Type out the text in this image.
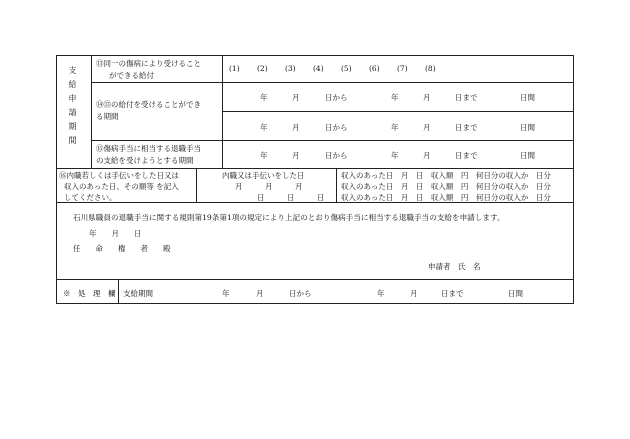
支給申請期間
⑬同一の傷病により受けること
ができる給付
(1) (2) (3) (4) (5) (6) (7) (8)
⑭⑬の給付を受けることができ
る期間
年	月	日から	年	月	日まで	日間
年	月	日から	年	月	日まで	日間
⑮傷病手当に相当する退職手当
の支給を受けようとする期間
年	月	日から	年	月	日まで	日間
⑯内職若しくは手伝いをした日又は
収入のあった日、その額等 を記入
してください。
内職又は手伝いをした日
月　　　月　　　月
日　　　日　　　日
収入のあった日　月　日　収入額　円　何日分の収入か　日分
収入のあった日　月　日　収入額　円　何日分の収入か　日分
収入のあった日　月　日　収入額　円　何日分の収入か　日分
石川県職員の退職手当に関する規則第19条第1項の規定により上記のとおり傷病手当に相当する退職手当の支給を申請します。
年　　月　　日
任　　命　　権　　者　　殿
申請者　氏　名
※　処　理　欄 支給期間	年	月	日から	年	月	日まで	日間
